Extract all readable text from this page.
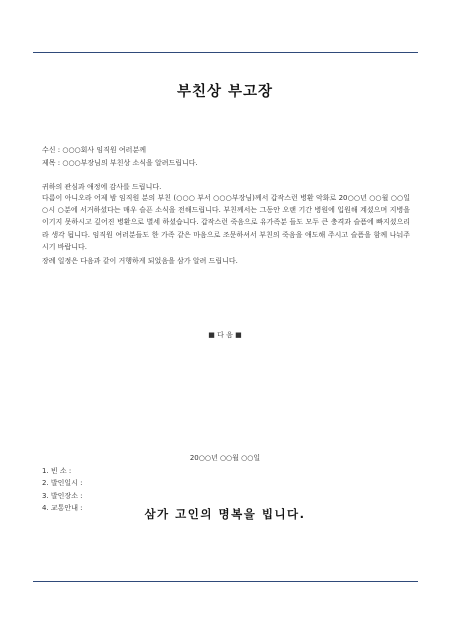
부친상 부고장
수신 : ○○○회사 임직원 여러분께
제목 : ○○○부장님의 부친상 소식을 알려드립니다.
귀하의 관심과 애정에 감사를 드립니다.
다름이 아니오라 어제 밤 임직원 분의 부친 (○○○ 부서 ○○○부장님)께서 갑작스런 병환 악화로 20○○년 ○○월 ○○일 ○시 ○분에 서거하셨다는 매우 슬픈 소식을 전해드립니다. 부친께서는 그동안 오랜 기간 병원에 입원해 계셨으며 지병을 이기지 못하시고 깊어진 병환으로 별세 하셨습니다. 갑작스런 죽음으로 유가족분 들도 모두 큰 충격과 슬픔에 빠지셨으리라 생각 됩니다. 임직원 여러분들도 한 가족 같은 마음으로 조문하셔서 부친의 죽음을 애도해 주시고 슬픔을 함께 나눠주시기 바랍니다.
장례 일정은 다음과 같이 거행하게 되었음을 삼가 알려 드립니다.
■ 다 음 ■
1. 빈 소 :
2. 발인일시 :
3. 발인장소 :
4. 교통안내 :
20○○년 ○○월 ○○일
삼가 고인의 명복을 빕니다.
